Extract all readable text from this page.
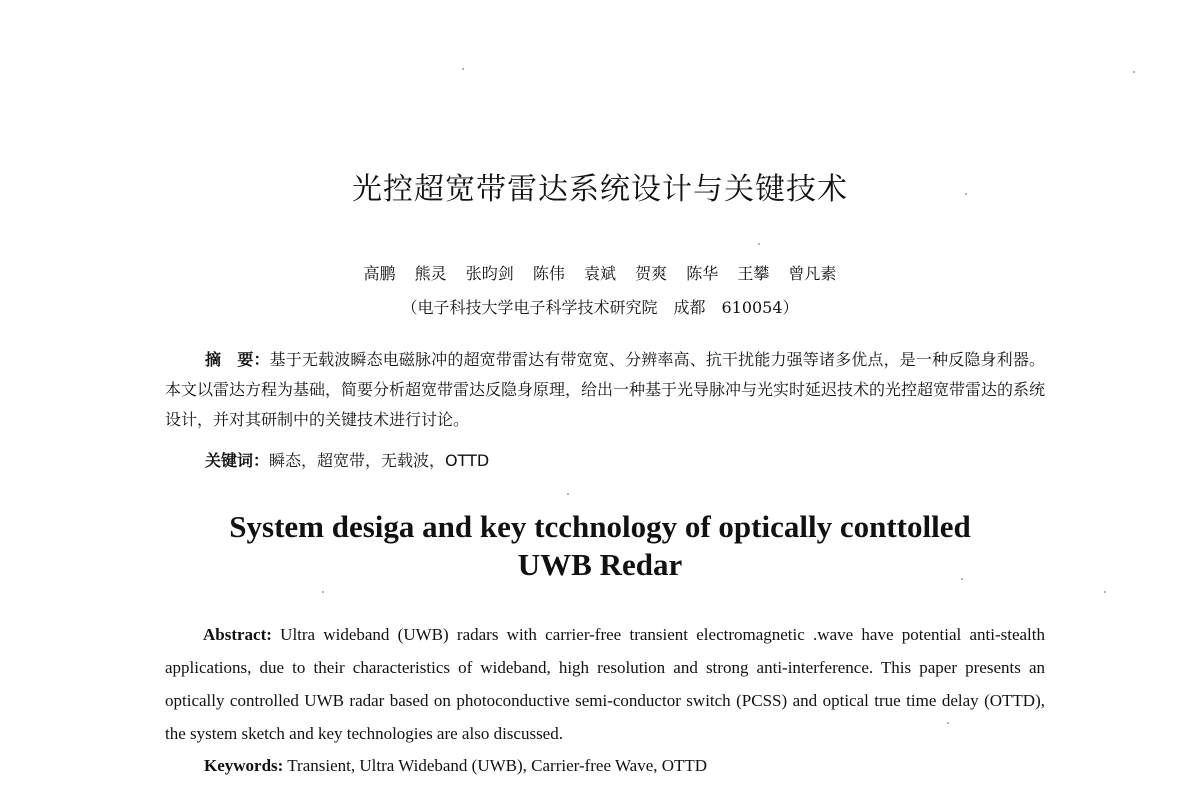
光控超宽带雷达系统设计与关键技术
高鹏 熊灵 张昀剑 陈伟 袁斌 贺爽 陈华 王攀 曾凡素
（电子科技大学电子科学技术研究院　成都　610054）
摘　要：基于无载波瞬态电磁脉冲的超宽带雷达有带宽宽、分辨率高、抗干扰能力强等诸多优点，是一种反隐身利器。本文以雷达方程为基础，简要分析超宽带雷达反隐身原理，给出一种基于光导脉冲与光实时延迟技术的光控超宽带雷达的系统设计，并对其研制中的关键技术进行讨论。
关键词：瞬态，超宽带，无载波，OTTD
System desiga and key tcchnology of optically conttolled
UWB Redar
Abstract: Ultra wideband (UWB) radars with carrier-free transient electromagnetic .wave have potential anti-stealth applications, due to their characteristics of wideband, high resolution and strong anti-interference. This paper presents an optically controlled UWB radar based on photoconductive semi-conductor switch (PCSS) and optical true time delay (OTTD), the system sketch and key technologies are also discussed.
Keywords: Transient, Ultra Wideband (UWB), Carrier-free Wave, OTTD
